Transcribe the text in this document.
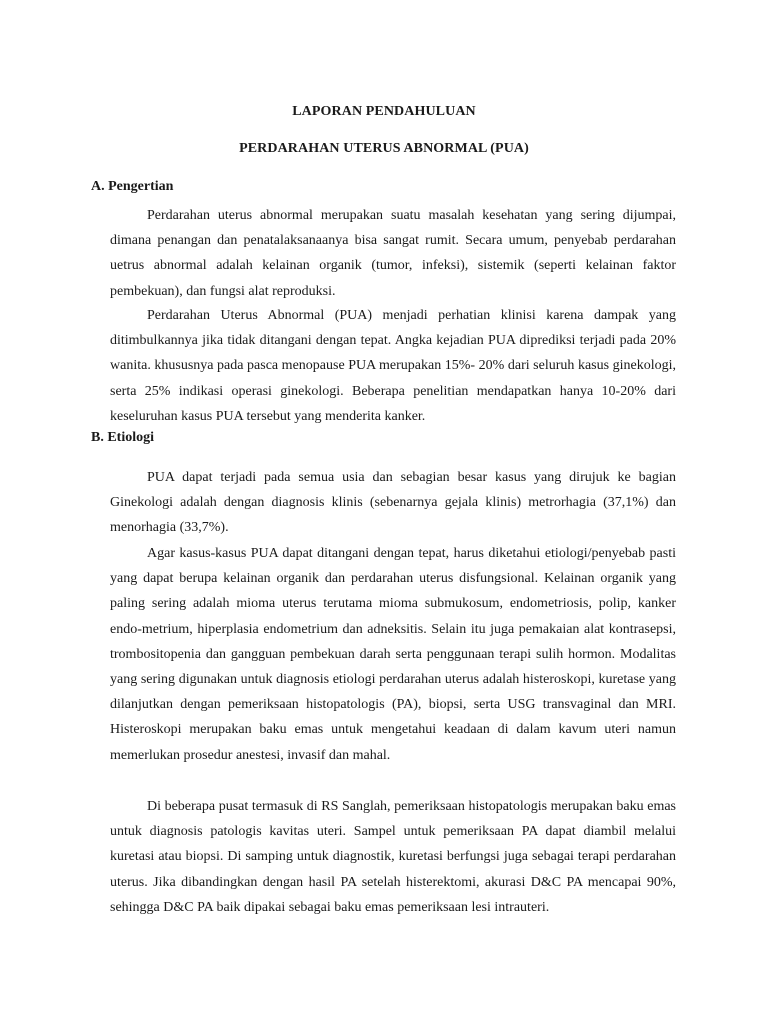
LAPORAN PENDAHULUAN
PERDARAHAN UTERUS ABNORMAL (PUA)
A. Pengertian

Perdarahan uterus abnormal merupakan suatu masalah kesehatan yang sering dijumpai, dimana penangan dan penatalaksanaanya bisa sangat rumit. Secara umum, penyebab perdarahan uetrus abnormal adalah kelainan organik (tumor, infeksi), sistemik (seperti kelainan faktor pembekuan), dan fungsi alat reproduksi.

Perdarahan Uterus Abnormal (PUA) menjadi perhatian klinisi karena dampak yang ditimbulkannya jika tidak ditangani dengan tepat. Angka kejadian PUA diprediksi terjadi pada 20% wanita. khususnya pada pasca menopause PUA merupakan 15%- 20% dari seluruh kasus ginekologi, serta 25% indikasi operasi ginekologi. Beberapa penelitian mendapatkan hanya 10-20% dari keseluruhan kasus PUA tersebut yang menderita kanker.

B. Etiologi

PUA dapat terjadi pada semua usia dan sebagian besar kasus yang dirujuk ke bagian Ginekologi adalah dengan diagnosis klinis (sebenarnya gejala klinis) metrorhagia (37,1%) dan menorhagia (33,7%).

Agar kasus-kasus PUA dapat ditangani dengan tepat, harus diketahui etiologi/penyebab pasti yang dapat berupa kelainan organik dan perdarahan uterus disfungsional. Kelainan organik yang paling sering adalah mioma uterus terutama mioma submukosum, endometriosis, polip, kanker endo-metrium, hiperplasia endometrium dan adneksitis. Selain itu juga pemakaian alat kontrasepsi, trombositopenia dan gangguan pembekuan darah serta penggunaan terapi sulih hormon. Modalitas yang sering digunakan untuk diagnosis etiologi perdarahan uterus adalah histeroskopi, kuretase yang dilanjutkan dengan pemeriksaan histopatologis (PA), biopsi, serta USG transvaginal dan MRI. Histeroskopi merupakan baku emas untuk mengetahui keadaan di dalam kavum uteri namun memerlukan prosedur anestesi, invasif dan mahal.

Di beberapa pusat termasuk di RS Sanglah, pemeriksaan histopatologis merupakan baku emas untuk diagnosis patologis kavitas uteri. Sampel untuk pemeriksaan PA dapat diambil melalui kuretasi atau biopsi. Di samping untuk diagnostik, kuretasi berfungsi juga sebagai terapi perdarahan uterus. Jika dibandingkan dengan hasil PA setelah histerektomi, akurasi D&C PA mencapai 90%, sehingga D&C PA baik dipakai sebagai baku emas pemeriksaan lesi intrauteri.
